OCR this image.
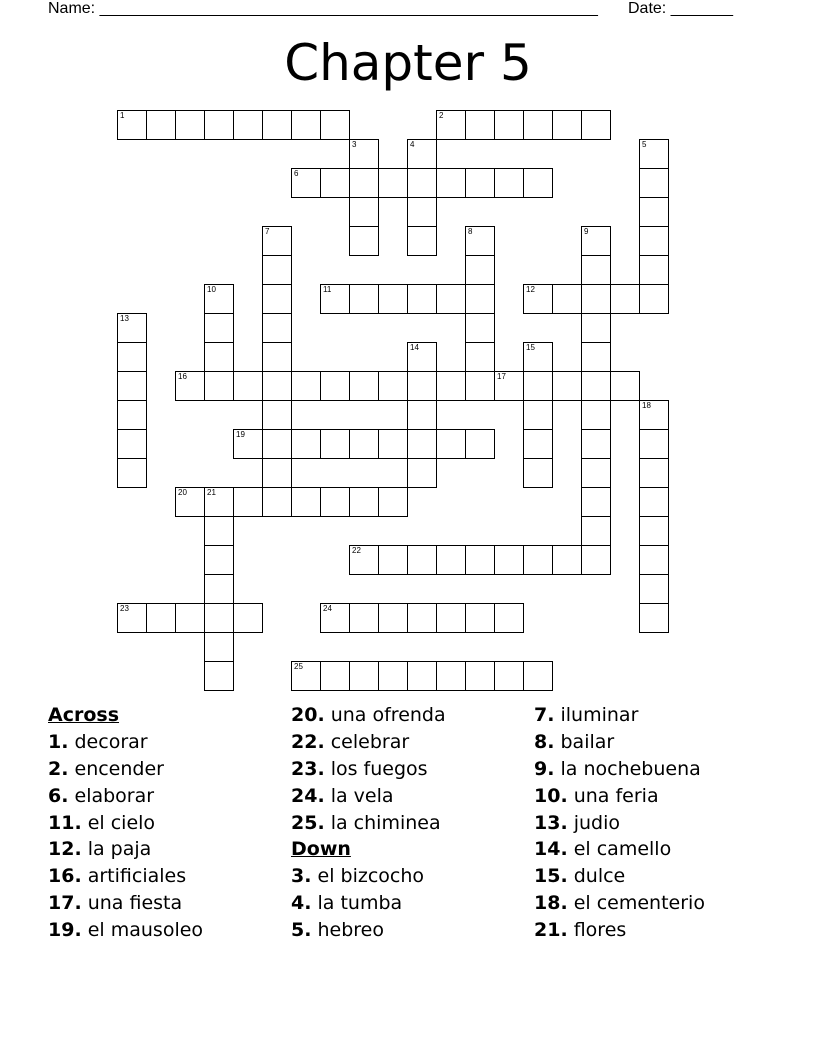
Name: ________________________________________________________ Date: _______
Chapter 5
1	2
3	4	5
6
7	8	9
10	11	12
13
14	15
16	17
18
19
20	21
22
23	24
25
Across
1. decorar
2. encender
6. elaborar
11. el cielo
12. la paja
16. artificiales
17. una fiesta
19. el mausoleo
20. una ofrenda
22. celebrar
23. los fuegos
24. la vela
25. la chiminea
Down
3. el bizcocho
4. la tumba
5. hebreo
7. iluminar
8. bailar
9. la nochebuena
10. una feria
13. judio
14. el camello
15. dulce
18. el cementerio
21. flores
